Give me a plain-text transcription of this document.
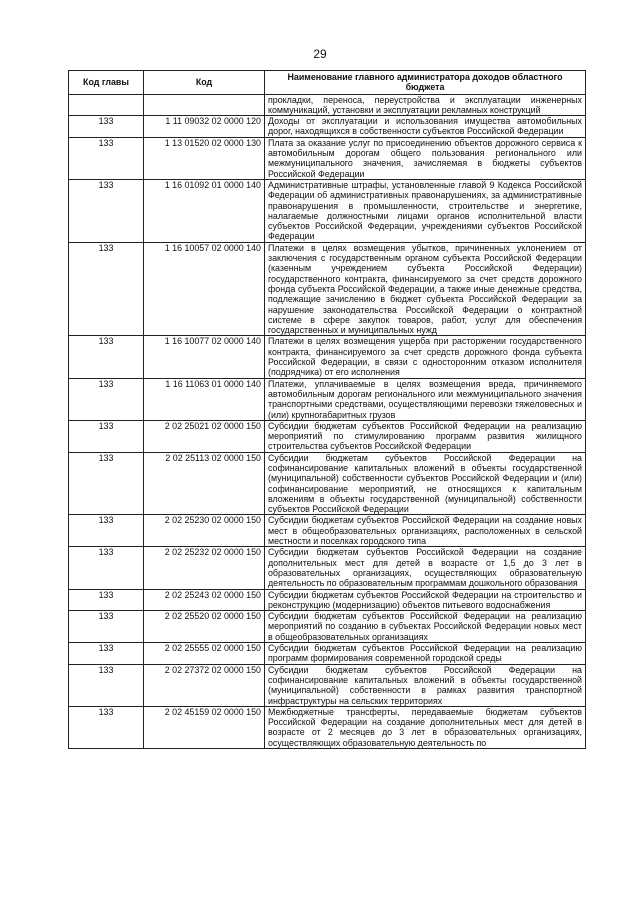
29
Код главы	Код	Наименование главного администратора доходов областного бюджета
		прокладки, переноса, переустройства и эксплуатации инженерных коммуникаций, установки и эксплуатации рекламных конструкций
133	1 11 09032 02 0000 120	Доходы от эксплуатации и использования имущества автомобильных дорог, находящихся в собственности субъектов Российской Федерации
133	1 13 01520 02 0000 130	Плата за оказание услуг по присоединению объектов дорожного сервиса к автомобильным дорогам общего пользования регионального или межмуниципального значения, зачисляемая в бюджеты субъектов Российской Федерации
133	1 16 01092 01 0000 140	Административные штрафы, установленные главой 9 Кодекса Российской Федерации об административных правонарушениях, за административные правонарушения в промышленности, строительстве и энергетике, налагаемые должностными лицами органов исполнительной власти субъектов Российской Федерации, учреждениями субъектов Российской Федерации
133	1 16 10057 02 0000 140	Платежи в целях возмещения убытков, причиненных уклонением от заключения с государственным органом субъекта Российской Федерации (казенным учреждением субъекта Российской Федерации) государственного контракта, финансируемого за счет средств дорожного фонда субъекта Российской Федерации, а также иные денежные средства, подлежащие зачислению в бюджет субъекта Российской Федерации за нарушение законодательства Российской Федерации о контрактной системе в сфере закупок товаров, работ, услуг для обеспечения государственных и муниципальных нужд
133	1 16 10077 02 0000 140	Платежи в целях возмещения ущерба при расторжении государственного контракта, финансируемого за счет средств дорожного фонда субъекта Российской Федерации, в связи с односторонним отказом исполнителя (подрядчика) от его исполнения
133	1 16 11063 01 0000 140	Платежи, уплачиваемые в целях возмещения вреда, причиняемого автомобильным дорогам регионального или межмуниципального значения транспортными средствами, осуществляющими перевозки тяжеловесных и (или) крупногабаритных грузов
133	2 02 25021 02 0000 150	Субсидии бюджетам субъектов Российской Федерации на реализацию мероприятий по стимулированию программ развития жилищного строительства субъектов Российской Федерации
133	2 02 25113 02 0000 150	Субсидии бюджетам субъектов Российской Федерации на софинансирование капитальных вложений в объекты государственной (муниципальной) собственности субъектов Российской Федерации и (или) софинансирование мероприятий, не относящихся к капитальным вложениям в объекты государственной (муниципальной) собственности субъектов Российской Федерации
133	2 02 25230 02 0000 150	Субсидии бюджетам субъектов Российской Федерации на создание новых мест в общеобразовательных организациях, расположенных в сельской местности и поселках городского типа
133	2 02 25232 02 0000 150	Субсидии бюджетам субъектов Российской Федерации на создание дополнительных мест для детей в возрасте от 1,5 до 3 лет в образовательных организациях, осуществляющих образовательную деятельность по образовательным программам дошкольного образования
133	2 02 25243 02 0000 150	Субсидии бюджетам субъектов Российской Федерации на строительство и реконструкцию (модернизацию) объектов питьевого водоснабжения
133	2 02 25520 02 0000 150	Субсидии бюджетам субъектов Российской Федерации на реализацию мероприятий по созданию в субъектах Российской Федерации новых мест в общеобразовательных организациях
133	2 02 25555 02 0000 150	Субсидии бюджетам субъектов Российской Федерации на реализацию программ формирования современной городской среды
133	2 02 27372 02 0000 150	Субсидии бюджетам субъектов Российской Федерации на софинансирование капитальных вложений в объекты государственной (муниципальной) собственности в рамках развития транспортной инфраструктуры на сельских территориях
133	2 02 45159 02 0000 150	Межбюджетные трансферты, передаваемые бюджетам субъектов Российской Федерации на создание дополнительных мест для детей в возрасте от 2 месяцев до 3 лет в образовательных организациях, осуществляющих образовательную деятельность по
